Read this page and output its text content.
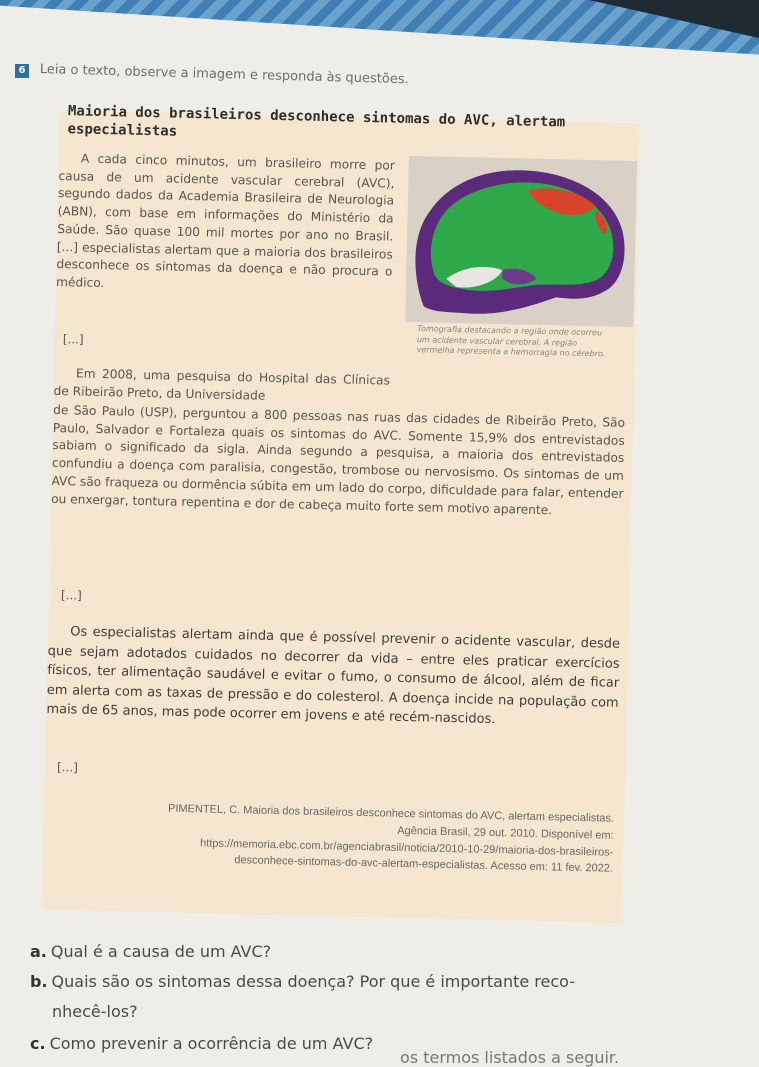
6 Leia o texto, observe a imagem e responda às questões.
Maioria dos brasileiros desconhece sintomas do AVC, alertam especialistas
A cada cinco minutos, um brasileiro morre por causa de um acidente vascular cerebral (AVC), segundo dados da Academia Brasileira de Neurologia (ABN), com base em informações do Ministério da Saúde. São quase 100 mil mortes por ano no Brasil. [...] especialistas alertam que a maioria dos brasileiros desconhece os sintomas da doença e não procura o médico.
[...]
Tomografia destacando a região onde ocorreu um acidente vascular cerebral. A região vermelha representa a hemorragia no cérebro.
Em 2008, uma pesquisa do Hospital das Clínicas de Ribeirão Preto, da Universidade
de São Paulo (USP), perguntou a 800 pessoas nas ruas das cidades de Ribeirão Preto, São Paulo, Salvador e Fortaleza quais os sintomas do AVC. Somente 15,9% dos entrevistados sabiam o significado da sigla. Ainda segundo a pesquisa, a maioria dos entrevistados confundiu a doença com paralisia, congestão, trombose ou nervosismo. Os sintomas de um AVC são fraqueza ou dormência súbita em um lado do corpo, dificuldade para falar, entender ou enxergar, tontura repentina e dor de cabeça muito forte sem motivo aparente.
[...]
Os especialistas alertam ainda que é possível prevenir o acidente vascular, desde que sejam adotados cuidados no decorrer da vida – entre eles praticar exercícios físicos, ter alimentação saudável e evitar o fumo, o consumo de álcool, além de ficar em alerta com as taxas de pressão e do colesterol. A doença incide na população com mais de 65 anos, mas pode ocorrer em jovens e até recém-nascidos.
[...]
PIMENTEL, C. Maioria dos brasileiros desconhece sintomas do AVC, alertam especialistas. Agência Brasil, 29 out. 2010. Disponível em: https://memoria.ebc.com.br/agenciabrasil/noticia/2010-10-29/maioria-dos-brasileiros-desconhece-sintomas-do-avc-alertam-especialistas. Acesso em: 11 fev. 2022.
a. Qual é a causa de um AVC?
b. Quais são os sintomas dessa doença? Por que é importante reco-
nhecê-los?
c. Como prevenir a ocorrência de um AVC?
os termos listados a seguir.
